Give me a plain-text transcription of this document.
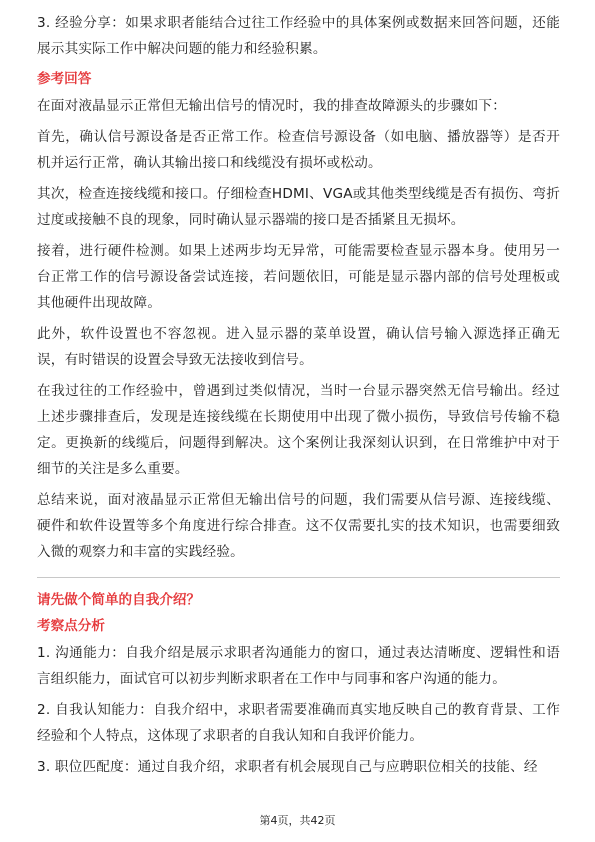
3. 经验分享：如果求职者能结合过往工作经验中的具体案例或数据来回答问题，还能展示其实际工作中解决问题的能力和经验积累。

参考回答

在面对液晶显示正常但无输出信号的情况时，我的排查故障源头的步骤如下：

首先，确认信号源设备是否正常工作。检查信号源设备（如电脑、播放器等）是否开机并运行正常，确认其输出接口和线缆没有损坏或松动。

其次，检查连接线缆和接口。仔细检查HDMI、VGA或其他类型线缆是否有损伤、弯折过度或接触不良的现象，同时确认显示器端的接口是否插紧且无损坏。

接着，进行硬件检测。如果上述两步均无异常，可能需要检查显示器本身。使用另一台正常工作的信号源设备尝试连接，若问题依旧，可能是显示器内部的信号处理板或其他硬件出现故障。

此外，软件设置也不容忽视。进入显示器的菜单设置，确认信号输入源选择正确无误，有时错误的设置会导致无法接收到信号。

在我过往的工作经验中，曾遇到过类似情况，当时一台显示器突然无信号输出。经过上述步骤排查后，发现是连接线缆在长期使用中出现了微小损伤，导致信号传输不稳定。更换新的线缆后，问题得到解决。这个案例让我深刻认识到，在日常维护中对于细节的关注是多么重要。

总结来说，面对液晶显示正常但无输出信号的问题，我们需要从信号源、连接线缆、硬件和软件设置等多个角度进行综合排查。这不仅需要扎实的技术知识，也需要细致入微的观察力和丰富的实践经验。

请先做个简单的自我介绍？
考察点分析

1. 沟通能力：自我介绍是展示求职者沟通能力的窗口，通过表达清晰度、逻辑性和语言组织能力，面试官可以初步判断求职者在工作中与同事和客户沟通的能力。

2. 自我认知能力：自我介绍中，求职者需要准确而真实地反映自己的教育背景、工作经验和个人特点，这体现了求职者的自我认知和自我评价能力。

3. 职位匹配度：通过自我介绍，求职者有机会展现自己与应聘职位相关的技能、经

第4页，共42页
